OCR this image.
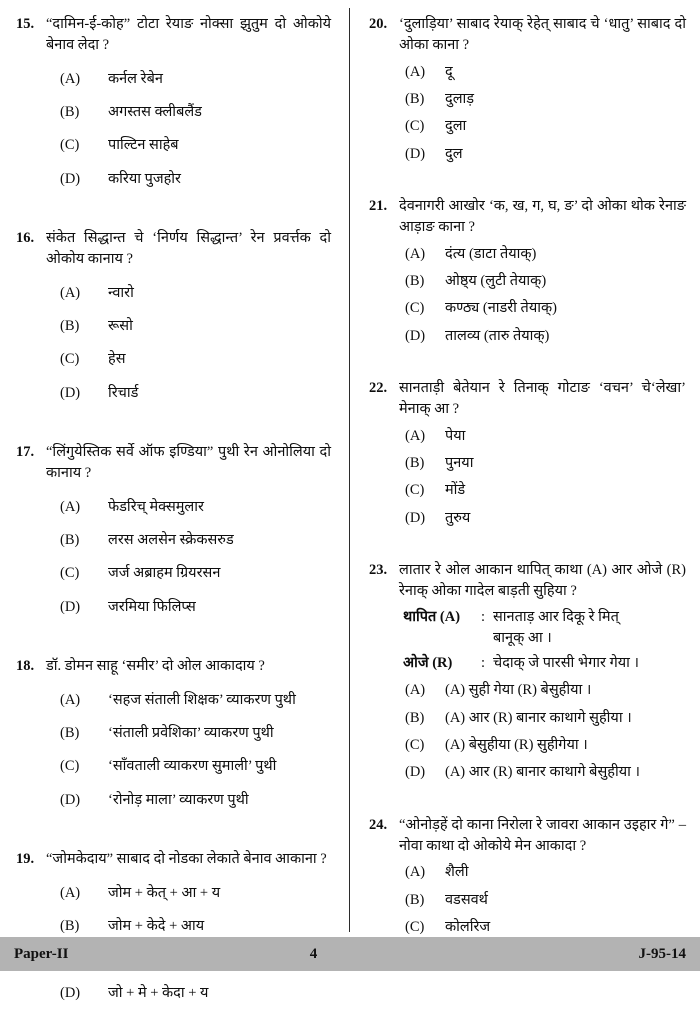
15. “दामिन-ई-कोह” टोटा रेयाङ नोक्सा झुतुम दो ओकोये बेनाव लेदा ?

(A)	कर्नल रेबेन
(B)	अगस्तस क्लीबलैंड
(C)	पाल्टिन साहेब
(D)	करिया पुजहोर
16. संकेत सिद्धान्त चे ‘निर्णय सिद्धान्त’ रेन प्रवर्त्तक दो ओकोय कानाय ?

(A)	न्वारो
(B)	रूसो
(C)	हेस
(D)	रिचार्ड
17. “लिंगुयेस्तिक सर्वे ऑफ इण्डिया” पुथी रेन ओनोलिया दो कानाय ?

(A)	फेडरिच् मेक्समुलार
(B)	लरस अलसेन स्क्रेकसरुड
(C)	जर्ज अब्राहम ग्रियरसन
(D)	जरमिया फिलिप्स
18. डॉ. डोमन साहू ‘समीर’ दो ओल आकादाय ?

(A)	‘सहज संताली शिक्षक’ व्याकरण पुथी
(B)	‘संताली प्रवेशिका’ व्याकरण पुथी
(C)	‘साँवताली व्याकरण सुमाली’ पुथी
(D)	‘रोनोड़ माला’ व्याकरण पुथी
19. “जोमकेदाय” साबाद दो नोडका लेकाते बेनाव आकाना ?

(A)	जोम + केत् + आ + य
(B)	जोम + केदे + आय
(D)	जो + मे + केदा + य
20. ‘दुलाड़िया’ साबाद रेयाक् रेहेत् साबाद चे ‘धातु’ साबाद दो ओका काना ?

(A)	दू
(B)	दुलाड़
(C)	दुला
(D)	दुल
21. देवनागरी आखोर ‘क, ख, ग, घ, ङ’ दो ओका थोक रेनाङ आड़ाङ काना ?

(A)	दंत्य (डाटा तेयाक्)
(B)	ओष्ठ्य (लुटी तेयाक्)
(C)	कण्ठ्य (नाडरी तेयाक्)
(D)	तालव्य (तारु तेयाक्)
22. सानताड़ी बेतेयान रे तिनाक् गोटाङ ‘वचन’ चे‘लेखा’ मेनाक् आ ?

(A)	पेया
(B)	पुनया
(C)	मोंडे
(D)	तुरुय
23. लातार रे ओल आकान थापित् काथा (A) आर ओजे (R) रेनाक् ओका गादेल बाड़ती सुहिया ?

थापित (A)	: सानताड़ आर दिकू रे मित्
बानूक् आ ।
ओजे (R)	: चेदाक् जे पारसी भेगार गेया ।
(A)	(A) सुही गेया (R) बेसुहीया ।
(B)	(A) आर (R) बानार काथागे सुहीया ।
(C)	(A) बेसुहीया (R) सुहीगेया ।
(D)	(A) आर (R) बानार काथागे बेसुहीया ।
24. “ओनोड़हें दो काना निरोला रे जावरा आकान उइहार गे” – नोवा काथा दो ओकोये मेन आकादा ?

(A)	शैली
(B)	वडसवर्थ
(C)	कोलरिज
Paper-II	4	J-95-14
